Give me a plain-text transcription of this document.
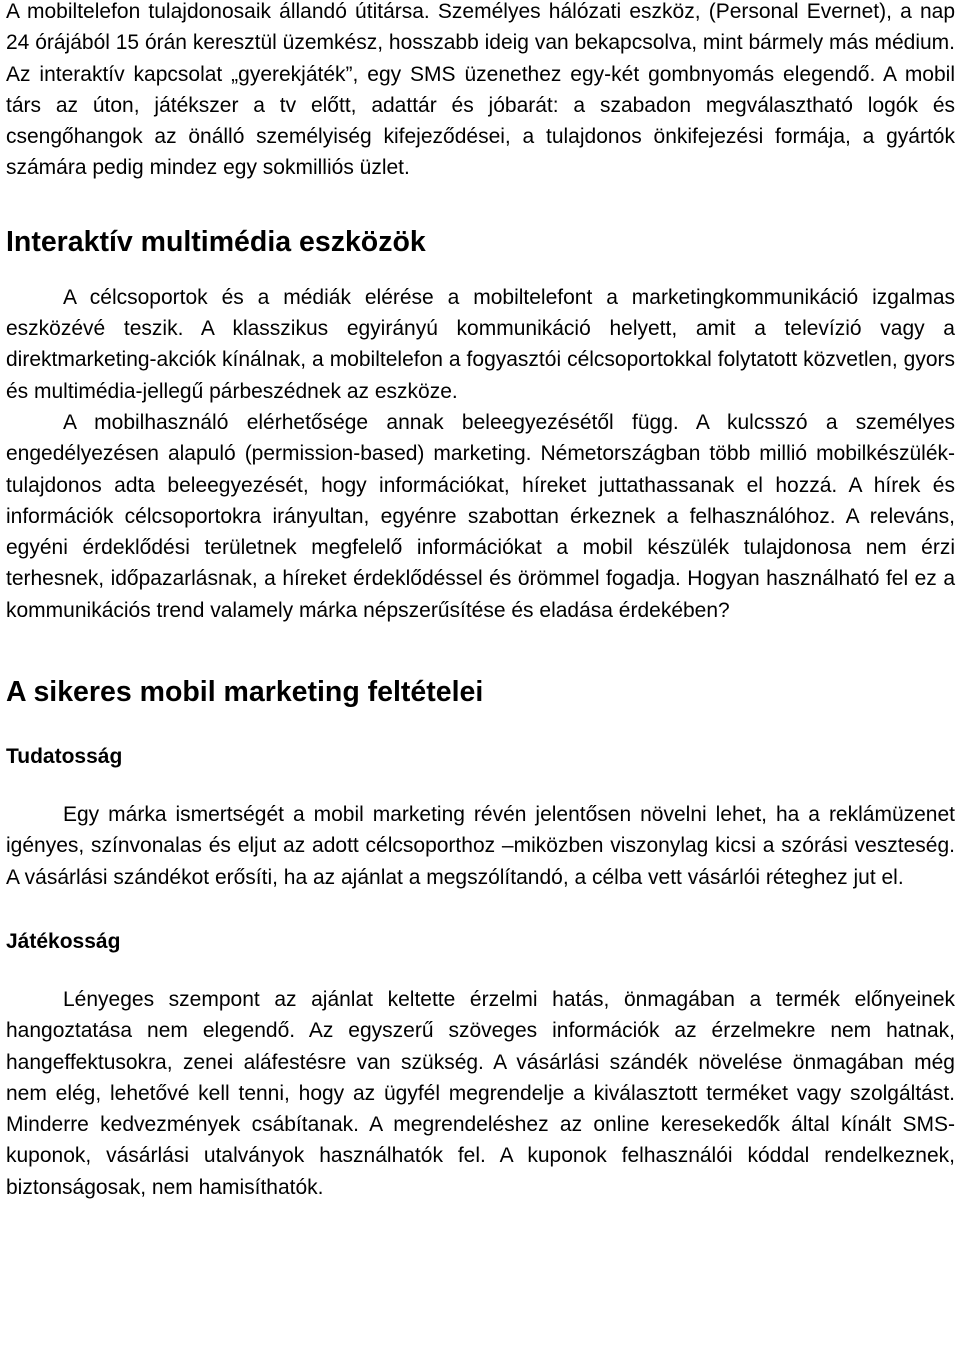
A mobiltelefon tulajdonosaik állandó útitársa. Személyes hálózati eszköz, (Personal Evernet), a nap 24 órájából 15 órán keresztül üzemkész, hosszabb ideig van bekapcsolva, mint bármely más médium. Az interaktív kapcsolat „gyerekjáték”, egy SMS üzenethez egy-két gombnyomás elegendő. A mobil társ az úton, játékszer a tv előtt, adattár és jóbarát: a szabadon megválasztható logók és csengőhangok az önálló személyiség kifejeződései, a tulajdonos önkifejezési formája, a gyártók számára pedig mindez egy sokmilliós üzlet.

Interaktív multimédia eszközök

A célcsoportok és a médiák elérése a mobiltelefont a marketingkommunikáció izgalmas eszközévé teszik. A klasszikus egyirányú kommunikáció helyett, amit a televízió vagy a direktmarketing-akciók kínálnak, a mobiltelefon a fogyasztói célcsoportokkal folytatott közvetlen, gyors és multimédia-jellegű párbeszédnek az eszköze.

A mobilhasználó elérhetősége annak beleegyezésétől függ. A kulcsszó a személyes engedélyezésen alapuló (permission-based) marketing. Németországban több millió mobilkészülék-tulajdonos adta beleegyezését, hogy információkat, híreket juttathassanak el hozzá. A hírek és információk célcsoportokra irányultan, egyénre szabottan érkeznek a felhasználóhoz. A releváns, egyéni érdeklődési területnek megfelelő információkat a mobil készülék tulajdonosa nem érzi terhesnek, időpazarlásnak, a híreket érdeklődéssel és örömmel fogadja. Hogyan használható fel ez a kommunikációs trend valamely márka népszerűsítése és eladása érdekében?

A sikeres mobil marketing feltételei
Tudatosság

Egy márka ismertségét a mobil marketing révén jelentősen növelni lehet, ha a reklámüzenet igényes, színvonalas és eljut az adott célcsoporthoz –miközben viszonylag kicsi a szórási veszteség. A vásárlási szándékot erősíti, ha az ajánlat a megszólítandó, a célba vett vásárlói réteghez jut el.

Játékosság

Lényeges szempont az ajánlat keltette érzelmi hatás, önmagában a termék előnyeinek hangoztatása nem elegendő. Az egyszerű szöveges információk az érzelmekre nem hatnak, hangeffektusokra, zenei aláfestésre van szükség. A vásárlási szándék növelése önmagában még nem elég, lehetővé kell tenni, hogy az ügyfél megrendelje a kiválasztott terméket vagy szolgáltást. Minderre kedvezmények csábítanak. A megrendeléshez az online keresekedők által kínált SMS-kuponok, vásárlási utalványok használhatók fel. A kuponok felhasználói kóddal rendelkeznek, biztonságosak, nem hamisíthatók.
